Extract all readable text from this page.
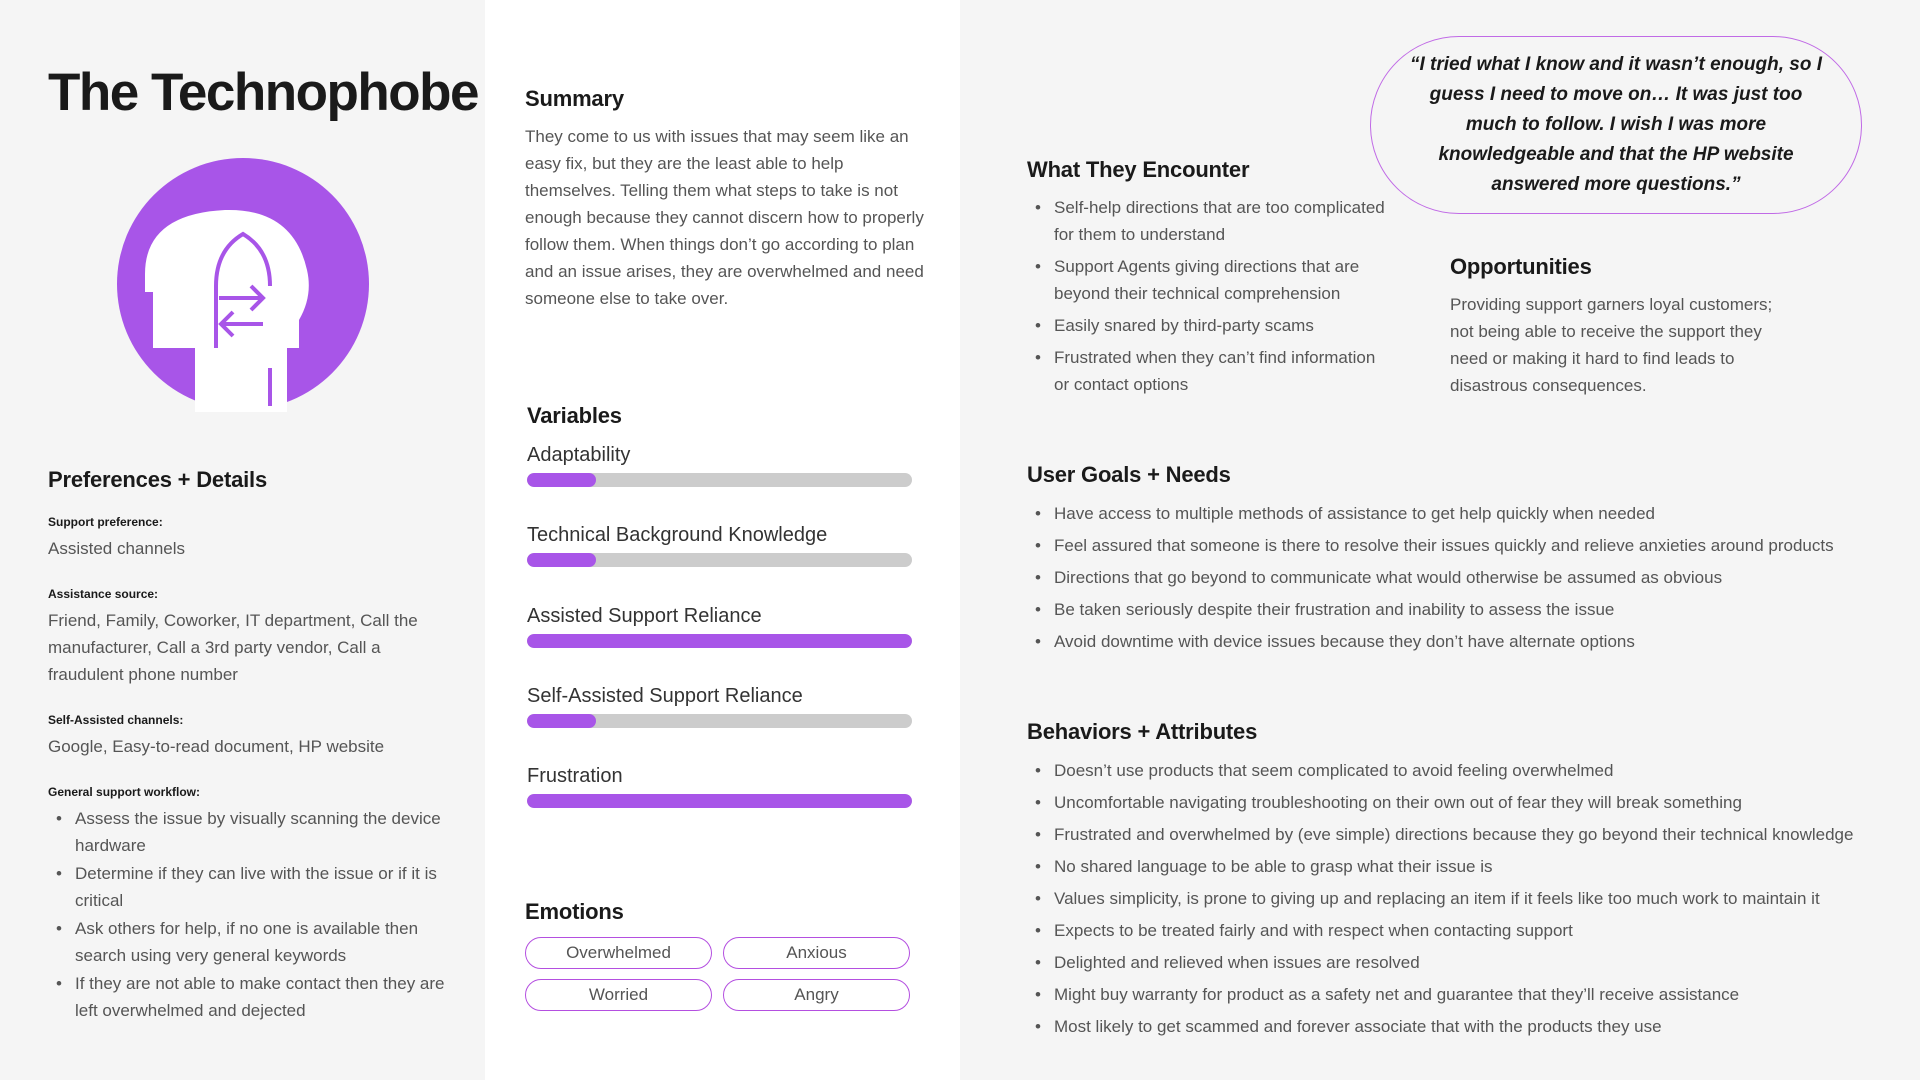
The Technophobe
Preferences + Details
Support preference:
Assisted channels
Assistance source:
Friend, Family, Coworker, IT department, Call the manufacturer, Call a 3rd party vendor, Call a fraudulent phone number
Self-Assisted channels:
Google, Easy-to-read document, HP website
General support workflow:
• Assess the issue by visually scanning the device hardware
• Determine if they can live with the issue or if it is critical
• Ask others for help, if no one is available then search using very general keywords
• If they are not able to make contact then they are left overwhelmed and dejected
Summary

They come to us with issues that may seem like an easy fix, but they are the least able to help themselves. Telling them what steps to take is not enough because they cannot discern how to properly follow them. When things don’t go according to plan and an issue arises, they are overwhelmed and need someone else to take over.

Variables
Adaptability
Technical Background Knowledge
Assisted Support Reliance
Self-Assisted Support Reliance
Frustration
Emotions
Overwhelmed	Anxious
Worried	Angry

“I tried what I know and it wasn’t enough, so I guess I need to move on… It was just too much to follow. I wish I was more knowledgeable and that the HP website answered more questions.”

What They Encounter
• Self-help directions that are too complicated for them to understand
• Support Agents giving directions that are beyond their technical comprehension
• Easily snared by third-party scams
• Frustrated when they can’t find information or contact options
Opportunities

Providing support garners loyal customers; not being able to receive the support they need or making it hard to find leads to disastrous consequences.

User Goals + Needs
• Have access to multiple methods of assistance to get help quickly when needed
• Feel assured that someone is there to resolve their issues quickly and relieve anxieties around products
• Directions that go beyond to communicate what would otherwise be assumed as obvious
• Be taken seriously despite their frustration and inability to assess the issue
• Avoid downtime with device issues because they don’t have alternate options
Behaviors + Attributes
• Doesn’t use products that seem complicated to avoid feeling overwhelmed
• Uncomfortable navigating troubleshooting on their own out of fear they will break something
• Frustrated and overwhelmed by (eve simple) directions because they go beyond their technical knowledge
• No shared language to be able to grasp what their issue is
• Values simplicity, is prone to giving up and replacing an item if it feels like too much work to maintain it
• Expects to be treated fairly and with respect when contacting support
• Delighted and relieved when issues are resolved
• Might buy warranty for product as a safety net and guarantee that they’ll receive assistance
• Most likely to get scammed and forever associate that with the products they use
